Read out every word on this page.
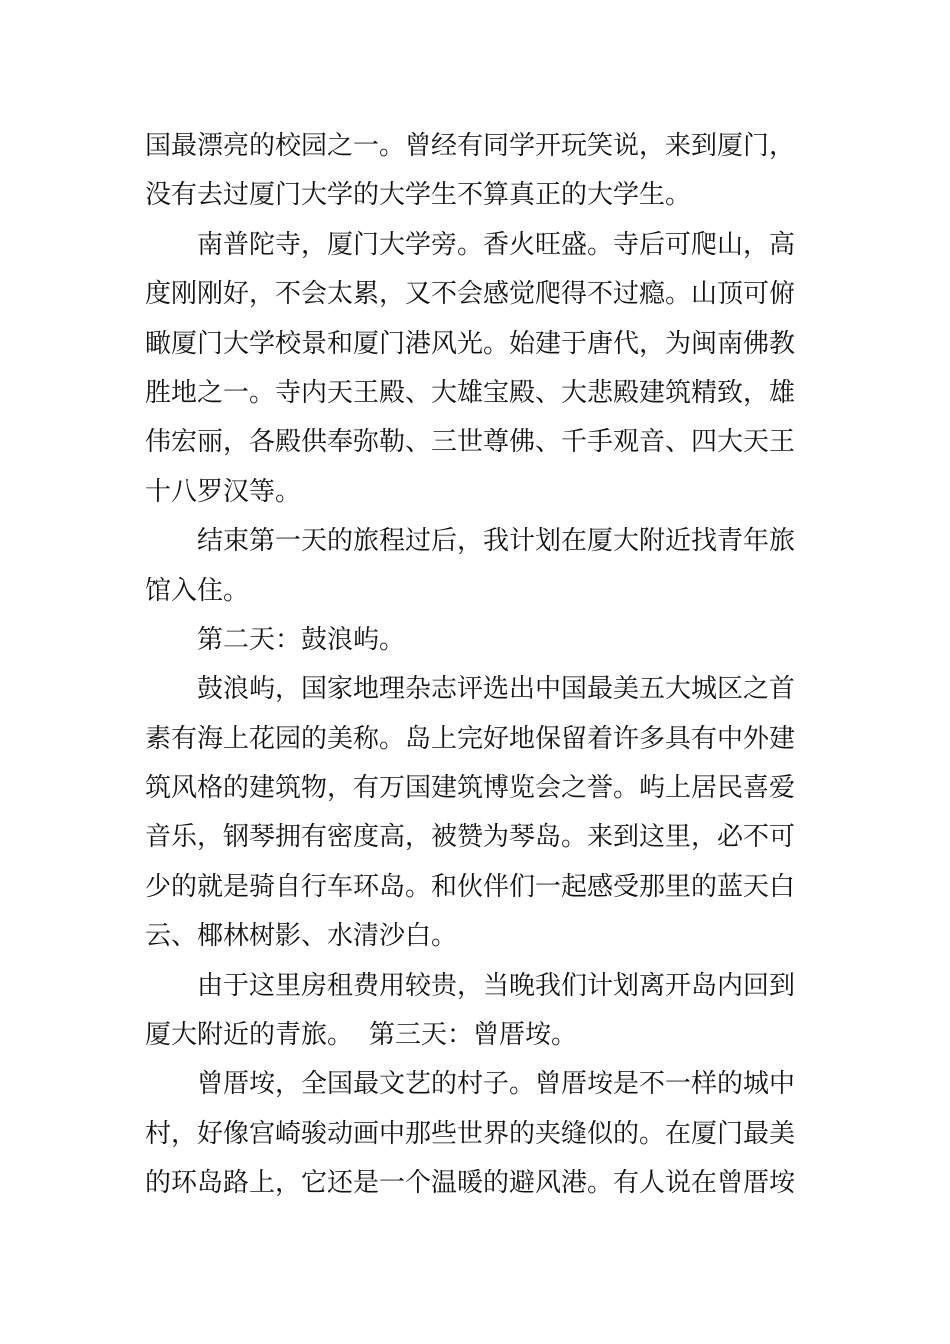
国最漂亮的校园之一。曾经有同学开玩笑说，来到厦门，
没有去过厦门大学的大学生不算真正的大学生。
南普陀寺，厦门大学旁。香火旺盛。寺后可爬山，高
度刚刚好，不会太累，又不会感觉爬得不过瘾。山顶可俯
瞰厦门大学校景和厦门港风光。始建于唐代，为闽南佛教
胜地之一。寺内天王殿、大雄宝殿、大悲殿建筑精致，雄
伟宏丽，各殿供奉弥勒、三世尊佛、千手观音、四大天王
十八罗汉等。
结束第一天的旅程过后，我计划在厦大附近找青年旅
馆入住。
第二天：鼓浪屿。
鼓浪屿，国家地理杂志评选出中国最美五大城区之首
素有海上花园的美称。岛上完好地保留着许多具有中外建
筑风格的建筑物，有万国建筑博览会之誉。屿上居民喜爱
音乐，钢琴拥有密度高，被赞为琴岛。来到这里，必不可
少的就是骑自行车环岛。和伙伴们一起感受那里的蓝天白
云、椰林树影、水清沙白。
由于这里房租费用较贵，当晚我们计划离开岛内回到
厦大附近的青旅。 第三天：曾厝垵。
曾厝垵，全国最文艺的村子。曾厝垵是不一样的城中
村，好像宫崎骏动画中那些世界的夹缝似的。在厦门最美
的环岛路上，它还是一个温暖的避风港。有人说在曾厝垵
